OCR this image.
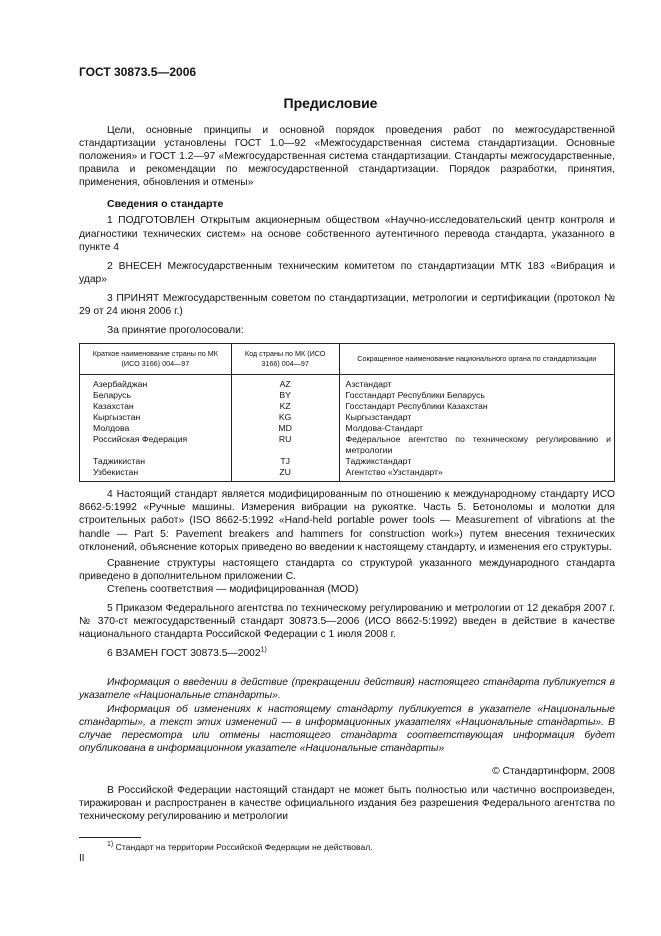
ГОСТ 30873.5—2006
Предисловие

Цели, основные принципы и основной порядок проведения работ по межгосударственной стандартизации установлены ГОСТ 1.0—92 «Межгосударственная система стандартизации. Основные положения» и ГОСТ 1.2—97 «Межгосударственная система стандартизации. Стандарты межгосударственные, правила и рекомендации по межгосударственной стандартизации. Порядок разработки, принятия, применения, обновления и отмены»

Сведения о стандарте

1 ПОДГОТОВЛЕН Открытым акционерным обществом «Научно-исследовательский центр контроля и диагностики технических систем» на основе собственного аутентичного перевода стандарта, указанного в пункте 4

2 ВНЕСЕН Межгосударственным техническим комитетом по стандартизации МТК 183 «Вибрация и удар»

3 ПРИНЯТ Межгосударственным советом по стандартизации, метрологии и сертификации (протокол № 29 от 24 июня 2006 г.)

За принятие проголосовали:

Краткое наименование страны по МК (ИСО 3166) 004—97	Код страны по МК (ИСО 3166) 004—97	Сокращенное наименование национального органа по стандартизации
Азербайджан	AZ	Азстандарт
Беларусь	BY	Госстандарт Республики Беларусь
Казахстан	KZ	Госстандарт Республики Казахстан
Кыргызстан	KG	Кыргызстандарт
Молдова	MD	Молдова-Стандарт
Российская Федерация	RU	Федеральное агентство по техническому регулированию и метрологии
Таджикистан	TJ	Таджикстандарт
Узбекистан	ZU	Агентство «Узстандарт»

4 Настоящий стандарт является модифицированным по отношению к международному стандарту ИСО 8662-5:1992 «Ручные машины. Измерения вибрации на рукоятке. Часть 5. Бетоноломы и молотки для строительных работ» (ISO 8662-5:1992 «Hand-held portable power tools — Measurement of vibrations at the handle — Part 5: Pavement breakers and hammers for construction work») путем внесения технических отклонений, объяснение которых приведено во введении к настоящему стандарту, и изменения его структуры.

Сравнение структуры настоящего стандарта со структурой указанного международного стандарта приведено в дополнительном приложении С.

Степень соответствия — модифицированная (MOD)

5 Приказом Федерального агентства по техническому регулированию и метрологии от 12 декабря 2007 г. № 370-ст межгосударственный стандарт 30873.5—2006 (ИСО 8662-5:1992) введен в действие в качестве национального стандарта Российской Федерации с 1 июля 2008 г.

6 ВЗАМЕН ГОСТ 30873.5—2002$^{1)}$

Информация о введении в действие (прекращении действия) настоящего стандарта публикуется в указателе «Национальные стандарты».

Информация об изменениях к настоящему стандарту публикуется в указателе «Национальные стандарты», а текст этих изменений — в информационных указателях «Национальные стандарты». В случае пересмотра или отмены настоящего стандарта соответствующая информация будет опубликована в информационном указателе «Национальные стандарты»

© Стандартинформ, 2008

В Российской Федерации настоящий стандарт не может быть полностью или частично воспроизведен, тиражирован и распространен в качестве официального издания без разрешения Федерального агентства по техническому регулированию и метрологии

$^{1)}$ Стандарт на территории Российской Федерации не действовал.
II
